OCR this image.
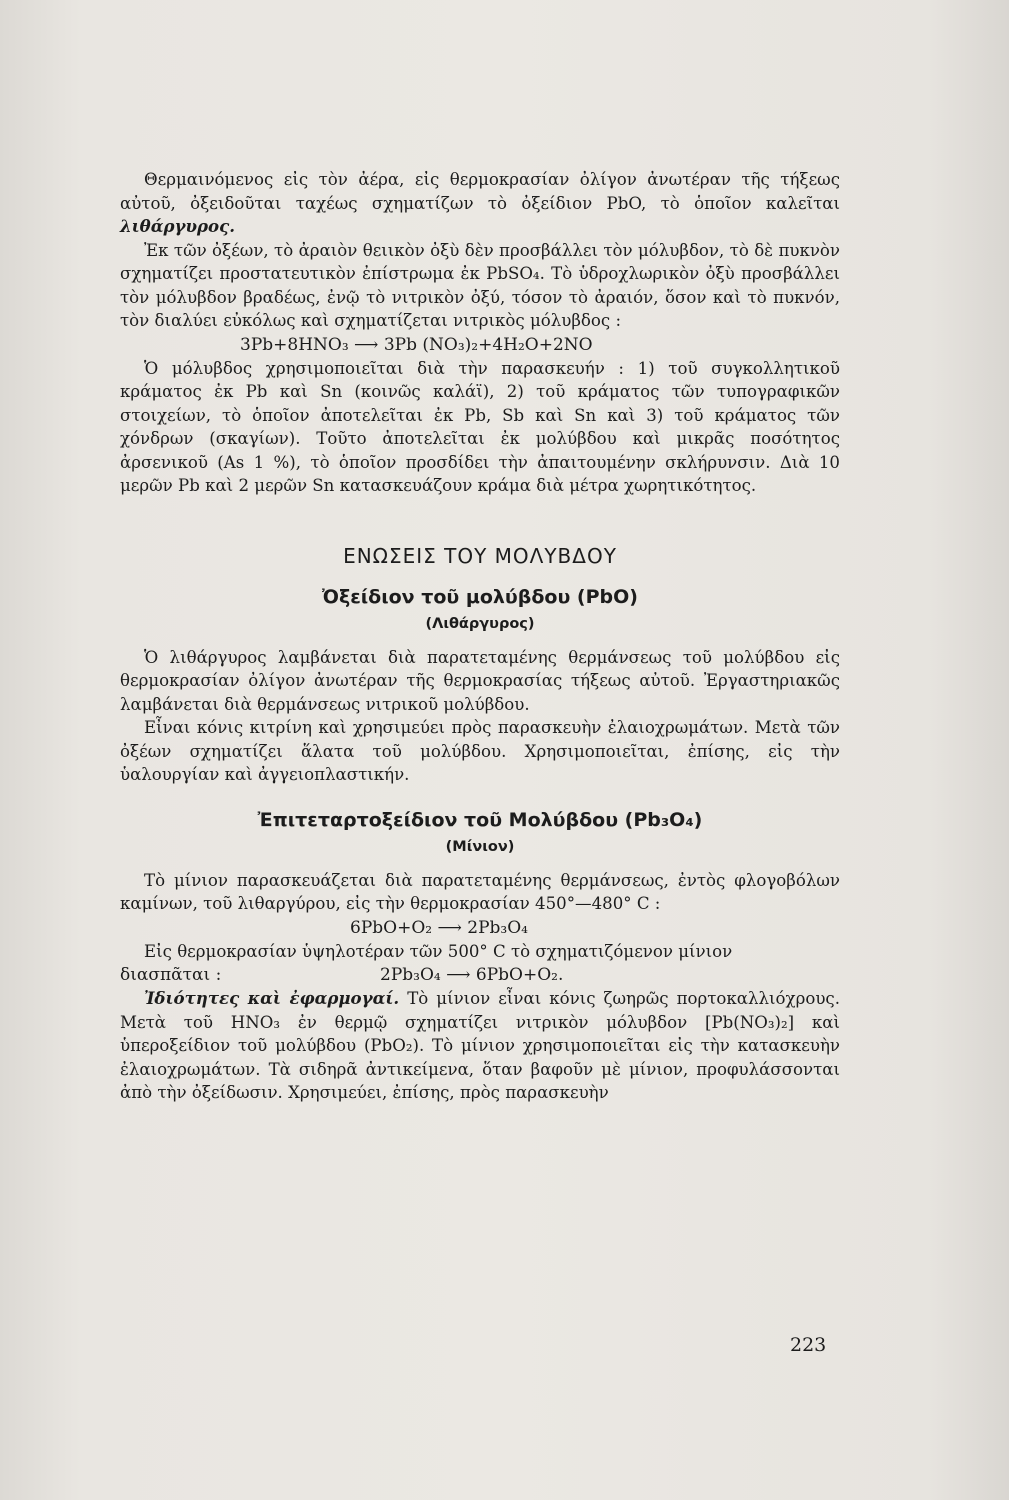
Θερμαινόμενος εἰς τὸν ἀέρα, εἰς θερμοκρασίαν ὀλίγον ἀνωτέραν τῆς τήξεως αὐτοῦ, ὀξειδοῦται ταχέως σχηματίζων τὸ ὀξείδιον PbO, τὸ ὁποῖον καλεῖται λιθάργυρος.

Ἐκ τῶν ὀξέων, τὸ ἀραιὸν θειικὸν ὀξὺ δὲν προσβάλλει τὸν μόλυβδον, τὸ δὲ πυκνὸν σχηματίζει προστατευτικὸν ἐπίστρωμα ἐκ PbSO₄. Τὸ ὑδροχλωρικὸν ὀξὺ προσβάλλει τὸν μόλυβδον βραδέως, ἐνῷ τὸ νιτρικὸν ὀξύ, τόσον τὸ ἀραιόν, ὅσον καὶ τὸ πυκνόν, τὸν διαλύει εὐκόλως καὶ σχηματίζεται νιτρικὸς μόλυβδος :

3Pb+8HNO₃ ⟶ 3Pb (NO₃)₂+4H₂O+2NO

Ὁ μόλυβδος χρησιμοποιεῖται διὰ τὴν παρασκευήν : 1) τοῦ συγκολλητικοῦ κράματος ἐκ Pb καὶ Sn (κοινῶς καλάϊ), 2) τοῦ κράματος τῶν τυπογραφικῶν στοιχείων, τὸ ὁποῖον ἀποτελεῖται ἐκ Pb, Sb καὶ Sn καὶ 3) τοῦ κράματος τῶν χόνδρων (σκαγίων). Τοῦτο ἀποτελεῖται ἐκ μολύβδου καὶ μικρᾶς ποσότητος ἀρσενικοῦ (As 1 %), τὸ ὁποῖον προσδίδει τὴν ἀπαιτουμένην σκλήρυνσιν. Διὰ 10 μερῶν Pb καὶ 2 μερῶν Sn κατασκευάζουν κράμα διὰ μέτρα χωρητικότητος.

ΕΝΩΣΕΙΣ ΤΟΥ ΜΟΛΥΒΔΟΥ
Ὀξείδιον τοῦ μολύβδου (PbO)
(Λιθάργυρος)

Ὁ λιθάργυρος λαμβάνεται διὰ παρατεταμένης θερμάνσεως τοῦ μολύβδου εἰς θερμοκρασίαν ὀλίγον ἀνωτέραν τῆς θερμοκρασίας τήξεως αὐτοῦ. Ἐργαστηριακῶς λαμβάνεται διὰ θερμάνσεως νιτρικοῦ μολύβδου.

Εἶναι κόνις κιτρίνη καὶ χρησιμεύει πρὸς παρασκευὴν ἐλαιοχρωμάτων. Μετὰ τῶν ὀξέων σχηματίζει ἅλατα τοῦ μολύβδου. Χρησιμοποιεῖται, ἐπίσης, εἰς τὴν ὑαλουργίαν καὶ ἀγγειοπλαστικήν.

Ἐπιτεταρτοξείδιον τοῦ Μολύβδου (Pb₃O₄)
(Μίνιον)

Τὸ μίνιον παρασκευάζεται διὰ παρατεταμένης θερμάνσεως, ἐντὸς φλογοβόλων καμίνων, τοῦ λιθαργύρου, εἰς τὴν θερμοκρασίαν 450°—480° C :

6PbO+O₂ ⟶ 2Pb₃O₄

Εἰς θερμοκρασίαν ὑψηλοτέραν τῶν 500° C τὸ σχηματιζόμενον μίνιον

διασπᾶται :	2Pb₃O₄ ⟶ 6PbO+O₂.

Ἰδιότητες καὶ ἐφαρμογαί. Τὸ μίνιον εἶναι κόνις ζωηρῶς πορτοκαλλιόχρους. Μετὰ τοῦ HNO₃ ἐν θερμῷ σχηματίζει νιτρικὸν μόλυβδον [Pb(NO₃)₂] καὶ ὑπεροξείδιον τοῦ μολύβδου (PbO₂). Τὸ μίνιον χρησιμοποιεῖται εἰς τὴν κατασκευὴν ἐλαιοχρωμάτων. Τὰ σιδηρᾶ ἀντικείμενα, ὅταν βαφοῦν μὲ μίνιον, προφυλάσσονται ἀπὸ τὴν ὀξείδωσιν. Χρησιμεύει, ἐπίσης, πρὸς παρασκευὴν

223
